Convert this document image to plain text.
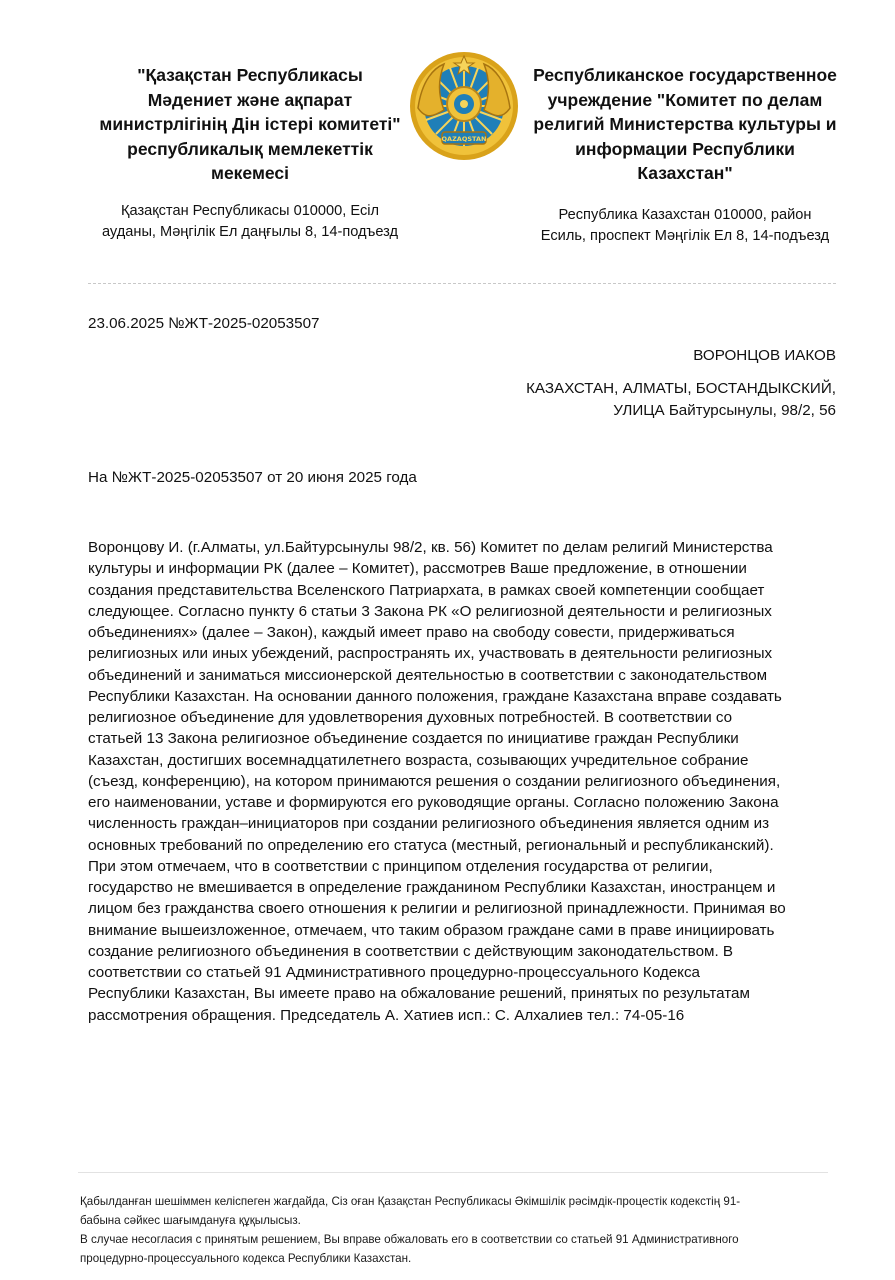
"Қазақстан Республикасы
Мәдениет және ақпарат
министрлігінің Дін істері комитеті"
республикалық мемлекеттік
мекемесі
QAZAQSTAN
Республиканское государственное
учреждение "Комитет по делам
религий Министерства культуры и
информации Республики
Казахстан"
Қазақстан Республикасы 010000, Есіл
ауданы, Мәңгілік Ел даңғылы 8, 14-подъезд
Республика Казахстан 010000, район
Есиль, проспект Мәңгілік Ел 8, 14-подъезд
23.06.2025 №ЖТ-2025-02053507
ВОРОНЦОВ ИАКОВ
КАЗАХСТАН, АЛМАТЫ, БОСТАНДЫКСКИЙ,
УЛИЦА Байтурсынулы, 98/2, 56
На №ЖТ-2025-02053507 от 20 июня 2025 года
Воронцову И. (г.Алматы, ул.Байтурсынулы 98/2, кв. 56) Комитет по делам религий Министерства
культуры и информации РК (далее – Комитет), рассмотрев Ваше предложение, в отношении
создания представительства Вселенского Патриархата, в рамках своей компетенции сообщает
следующее. Согласно пункту 6 статьи 3 Закона РК «О религиозной деятельности и религиозных
объединениях» (далее – Закон), каждый имеет право на свободу совести, придерживаться
религиозных или иных убеждений, распространять их, участвовать в деятельности религиозных
объединений и заниматься миссионерской деятельностью в соответствии с законодательством
Республики Казахстан. На основании данного положения, граждане Казахстана вправе создавать
религиозное объединение для удовлетворения духовных потребностей. В соответствии со
статьей 13 Закона религиозное объединение создается по инициативе граждан Республики
Казахстан, достигших восемнадцатилетнего возраста, созывающих учредительное собрание
(съезд, конференцию), на котором принимаются решения о создании религиозного объединения,
его наименовании, уставе и формируются его руководящие органы. Согласно положению Закона
численность граждан–инициаторов при создании религиозного объединения является одним из
основных требований по определению его статуса (местный, региональный и республиканский).
При этом отмечаем, что в соответствии с принципом отделения государства от религии,
государство не вмешивается в определение гражданином Республики Казахстан, иностранцем и
лицом без гражданства своего отношения к религии и религиозной принадлежности. Принимая во
внимание вышеизложенное, отмечаем, что таким образом граждане сами в праве инициировать
создание религиозного объединения в соответствии с действующим законодательством. В
соответствии со статьей 91 Административного процедурно-процессуального Кодекса
Республики Казахстан, Вы имеете право на обжалование решений, принятых по результатам
рассмотрения обращения. Председатель А. Хатиев исп.: С. Алхалиев тел.: 74-05-16
Қабылданған шешіммен келіспеген жағдайда, Сіз оған Қазақстан Республикасы Әкімшілік рәсімдік-процестік кодекстің 91-
бабына сәйкес шағымдануға құқылысыз.
В случае несогласия с принятым решением, Вы вправе обжаловать его в соответствии со статьей 91 Административного
процедурно-процессуального кодекса Республики Казахстан.
